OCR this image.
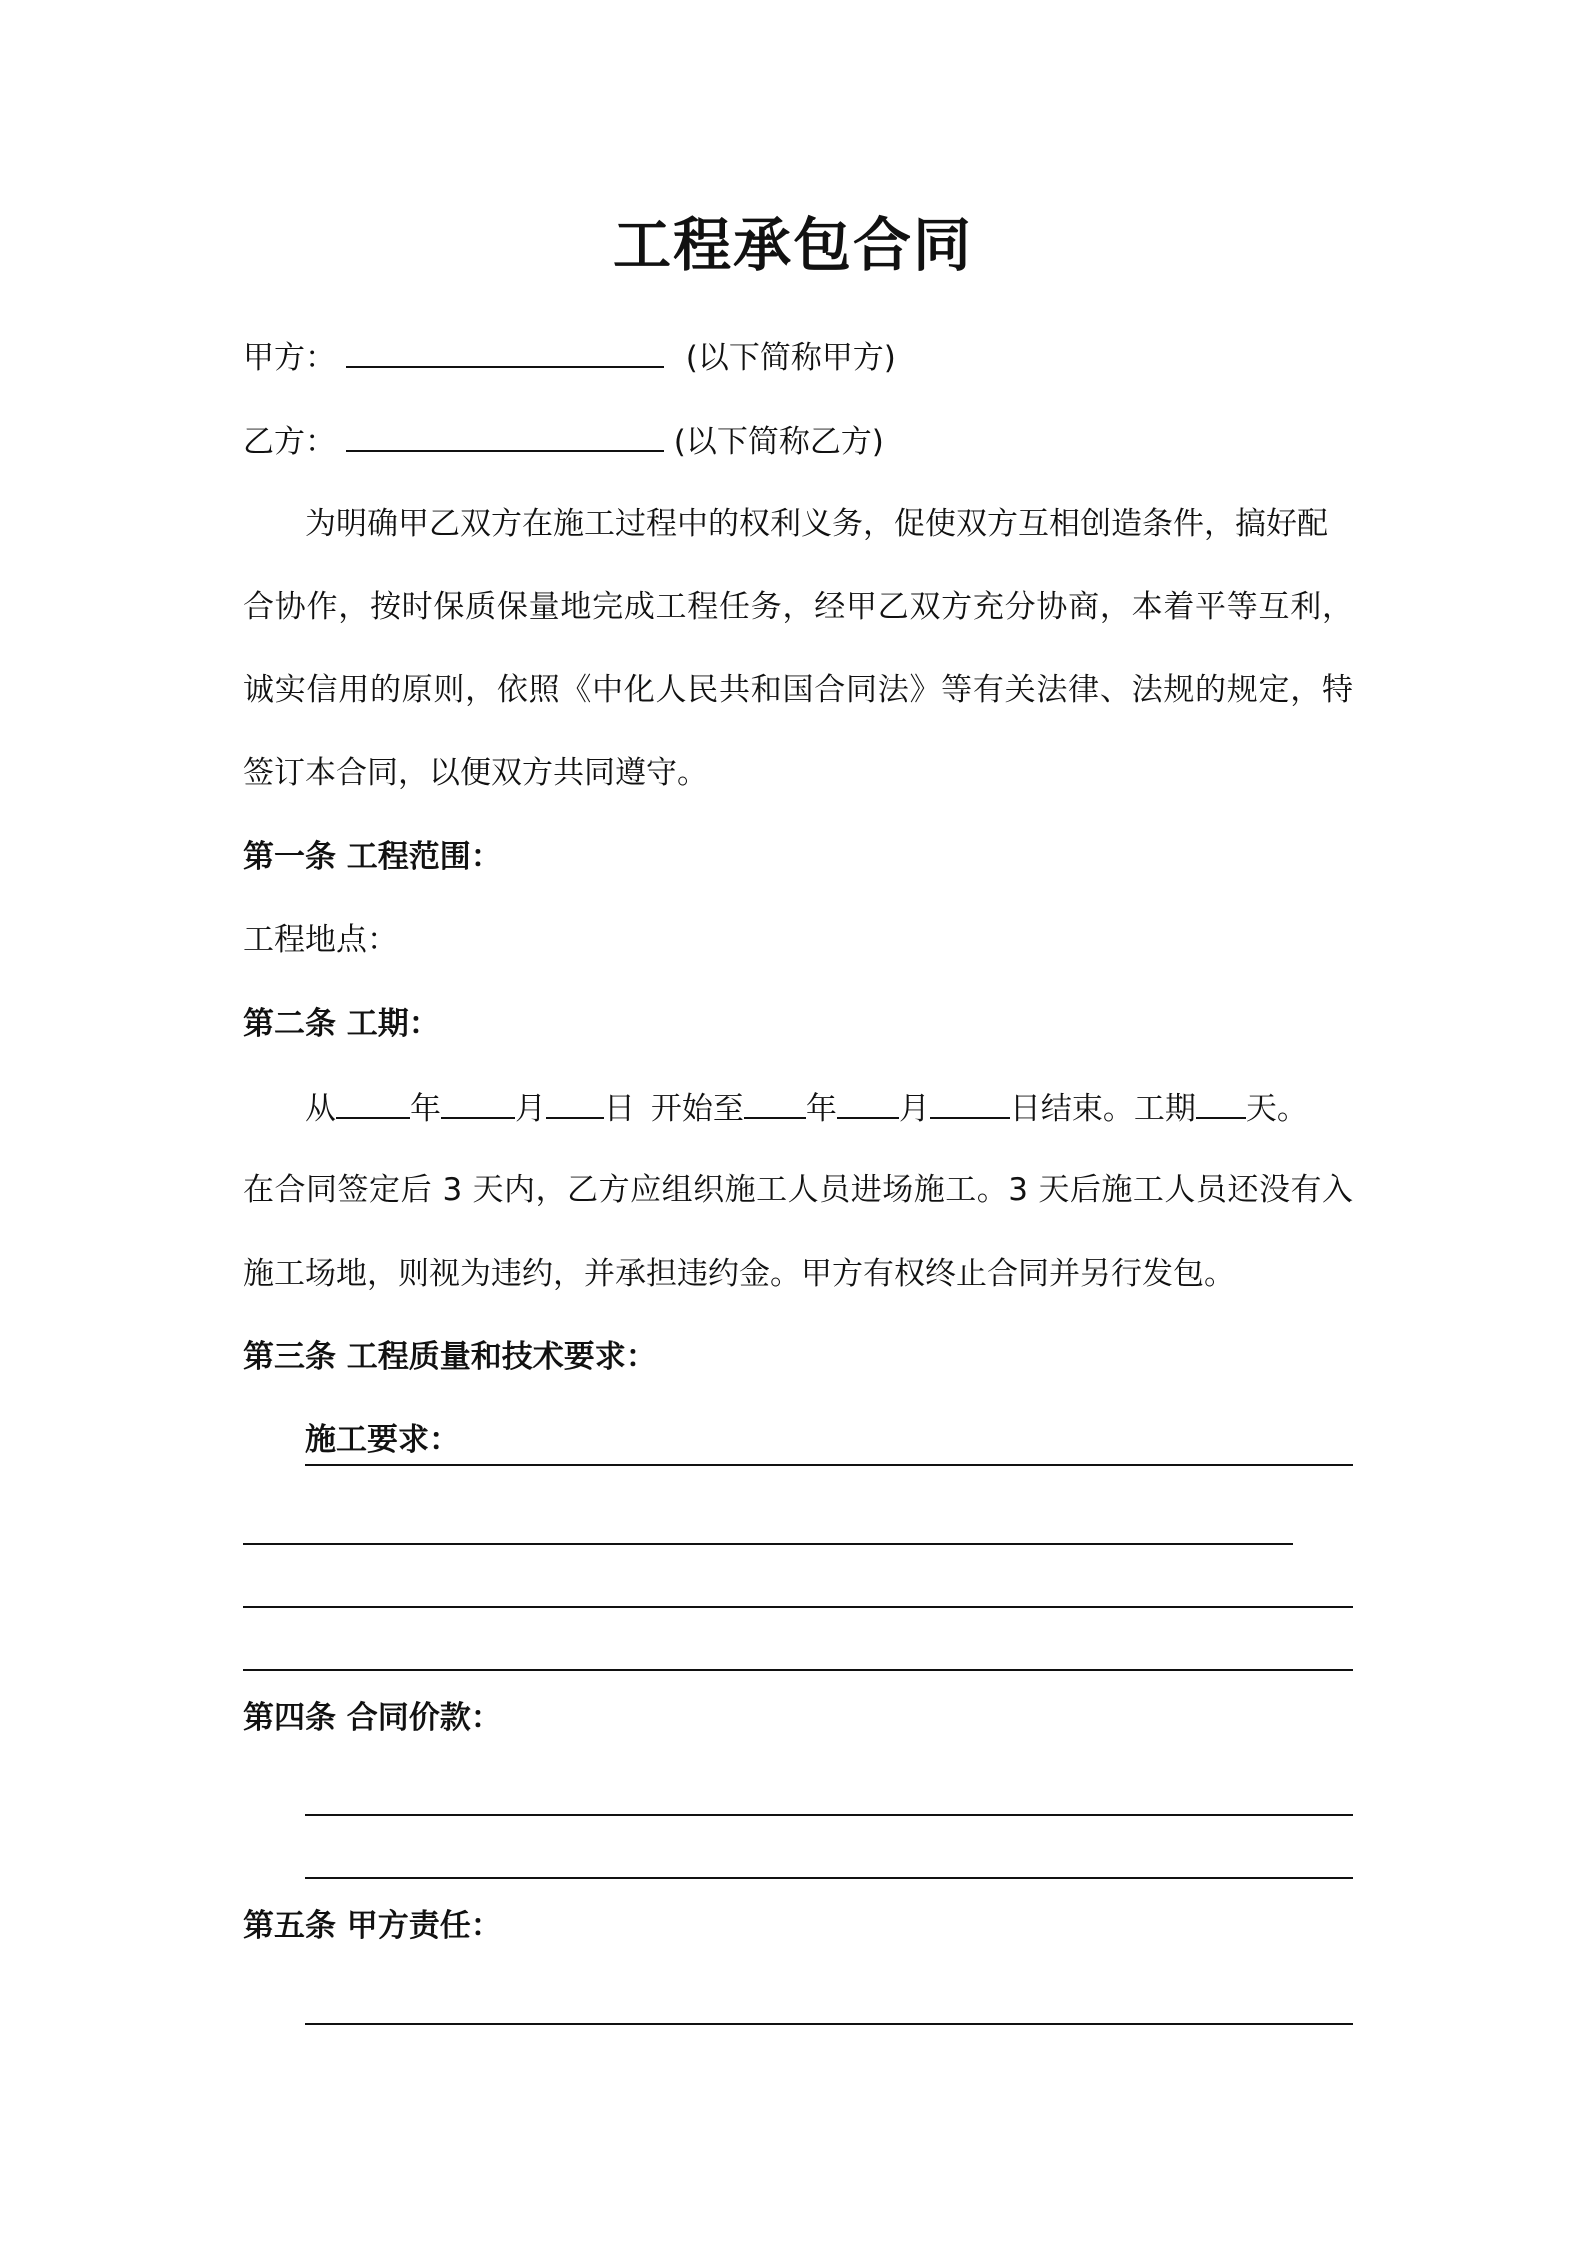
工程承包合同
甲方：	(以下简称甲方)
乙方：	(以下简称乙方)
为明确甲乙双方在施工过程中的权利义务，促使双方互相创造条件，搞好配
合协作，按时保质保量地完成工程任务，经甲乙双方充分协商，本着平等互利，
诚实信用的原则，依照《中化人民共和国合同法》等有关法律、法规的规定，特
签订本合同，以便双方共同遵守。
第一条 工程范围：
工程地点：
第二条 工期：
从 年 月 日 开始至 年 月	日结束。工期 天。
在合同签定后 3 天内，乙方应组织施工人员进场施工。3 天后施工人员还没有入
施工场地，则视为违约，并承担违约金。甲方有权终止合同并另行发包。
第三条 工程质量和技术要求：
施工要求：
第四条 合同价款：
第五条 甲方责任：
